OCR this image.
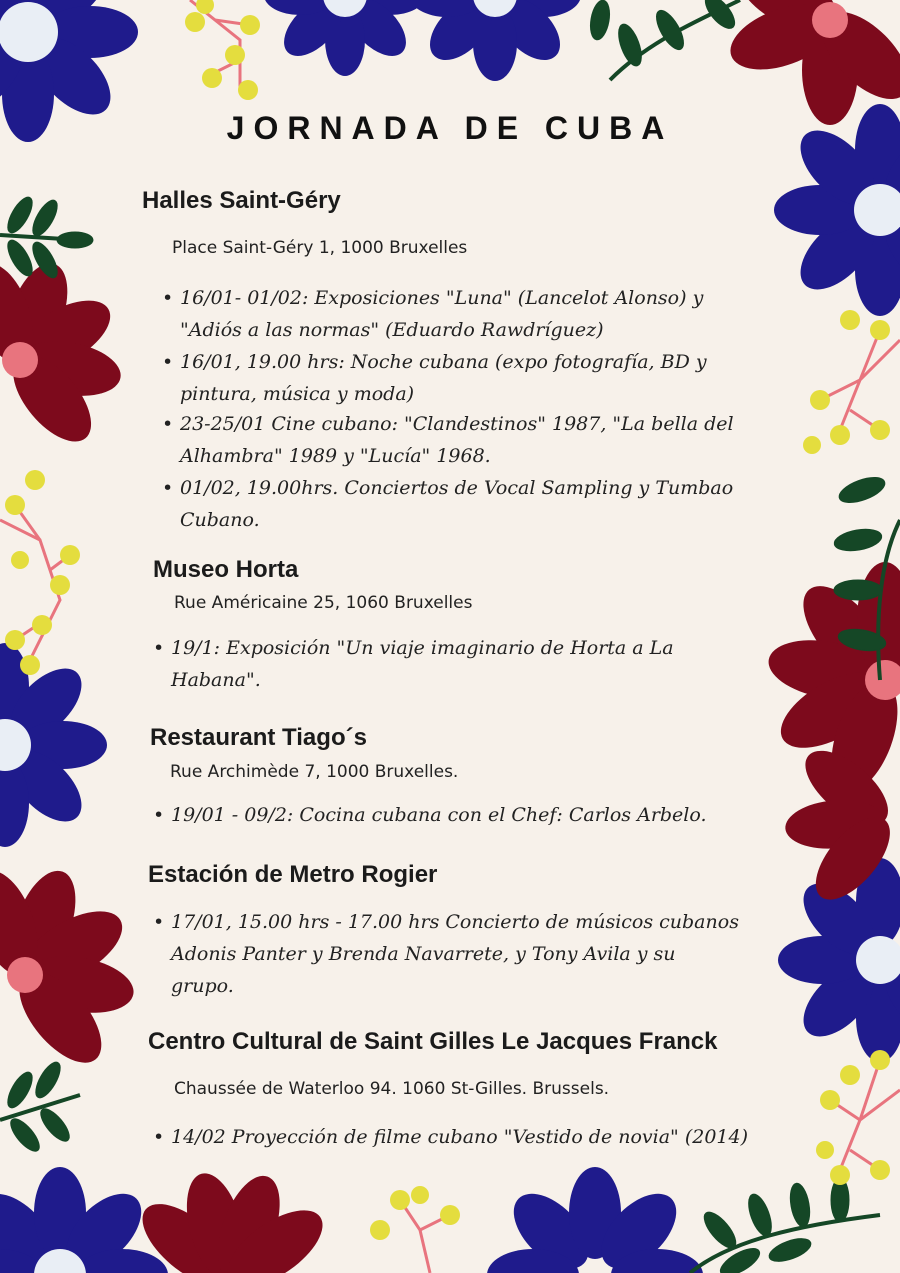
JORNADA DE CUBA
Halles Saint-Géry
Place Saint-Géry 1, 1000 Bruxelles
• 16/01- 01/02: Exposiciones "Luna" (Lancelot Alonso) y
"Adiós a las normas" (Eduardo Rawdríguez)
• 16/01, 19.00 hrs: Noche cubana (expo fotografía, BD y
pintura, música y moda)
• 23-25/01 Cine cubano: "Clandestinos" 1987, "La bella del
Alhambra" 1989 y "Lucía" 1968.
• 01/02, 19.00hrs. Conciertos de Vocal Sampling y Tumbao
Cubano.
Museo Horta
Rue Américaine 25, 1060 Bruxelles
• 19/1: Exposición "Un viaje imaginario de Horta a La
Habana".
Restaurant Tiago´s
Rue Archimède 7, 1000 Bruxelles.
• 19/01 - 09/2: Cocina cubana con el Chef: Carlos Arbelo.
Estación de Metro Rogier
• 17/01, 15.00 hrs - 17.00 hrs Concierto de músicos cubanos
Adonis Panter y Brenda Navarrete, y Tony Avila y su
grupo.
Centro Cultural de Saint Gilles Le Jacques Franck
Chaussée de Waterloo 94. 1060 St-Gilles. Brussels.
• 14/02 Proyección de filme cubano "Vestido de novia" (2014)
